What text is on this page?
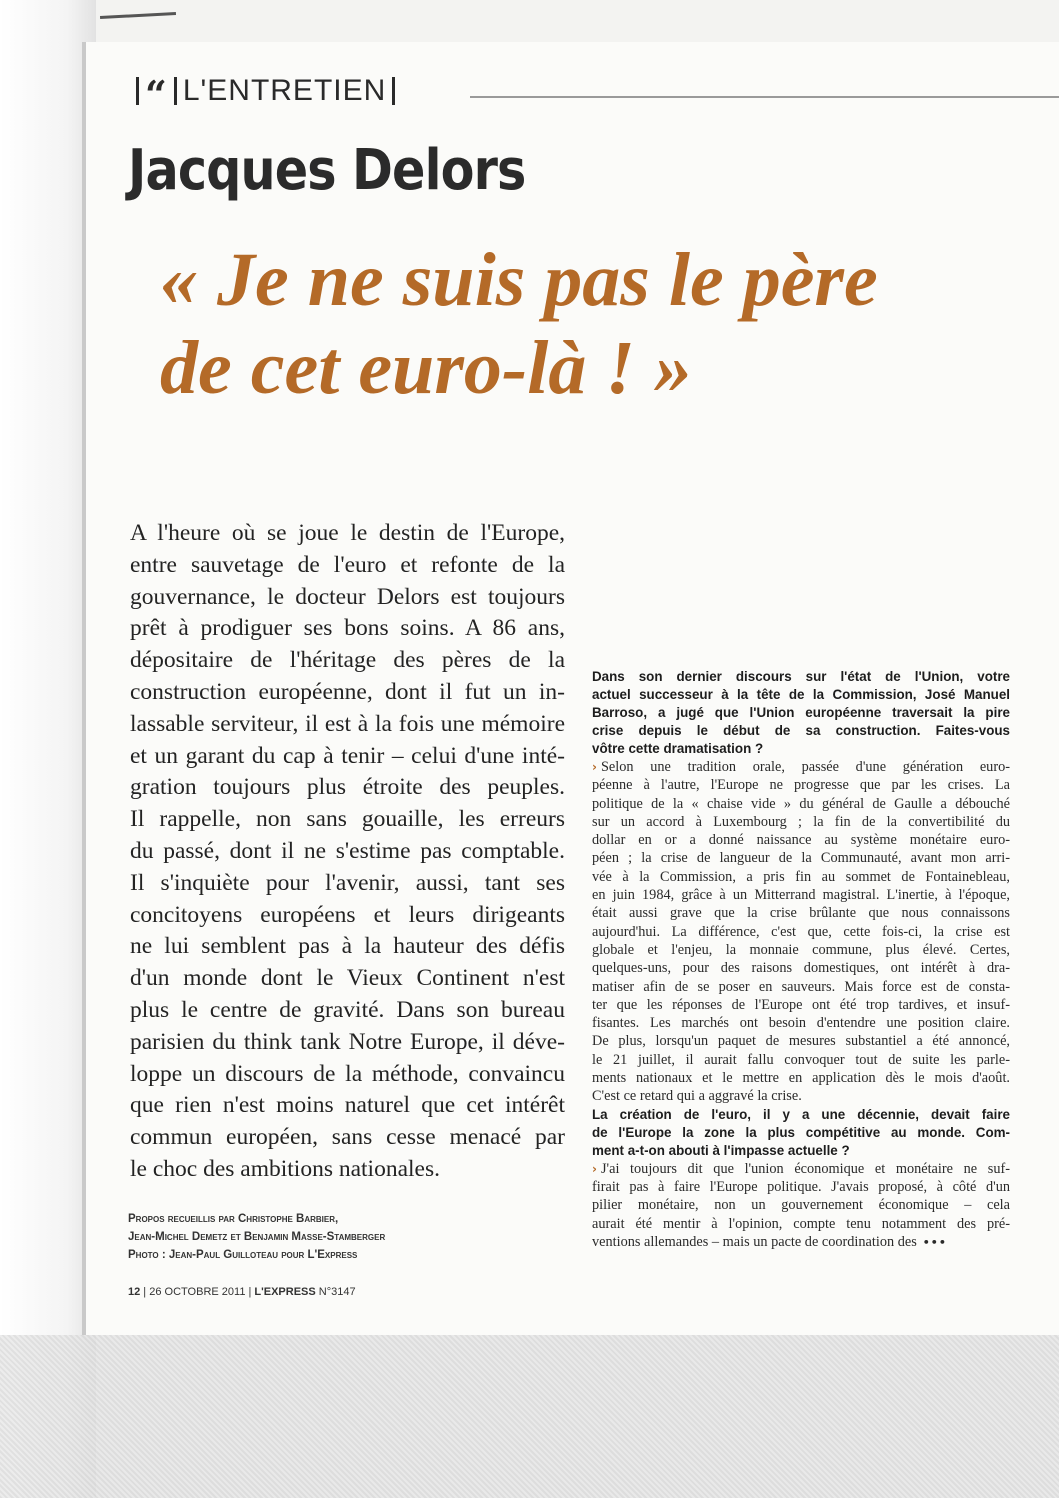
“ L'ENTRETIEN
Jacques Delors
« Je ne suis pas le père
de cet euro-là ! »
A l'heure où se joue le destin de l'Europe,
entre sauvetage de l'euro et refonte de la
gouvernance, le docteur Delors est toujours
prêt à prodiguer ses bons soins. A 86 ans,
dépositaire de l'héritage des pères de la
construction européenne, dont il fut un in-
lassable serviteur, il est à la fois une mémoire
et un garant du cap à tenir – celui d'une inté-
gration toujours plus étroite des peuples.
Il rappelle, non sans gouaille, les erreurs
du passé, dont il ne s'estime pas comptable.
Il s'inquiète pour l'avenir, aussi, tant ses
concitoyens européens et leurs dirigeants
ne lui semblent pas à la hauteur des défis
d'un monde dont le Vieux Continent n'est
plus le centre de gravité. Dans son bureau
parisien du think tank Notre Europe, il déve-
loppe un discours de la méthode, convaincu
que rien n'est moins naturel que cet intérêt
commun européen, sans cesse menacé par
le choc des ambitions nationales.
Propos recueillis par Christophe Barbier,
Jean-Michel Demetz et Benjamin Masse-Stamberger
Photo : Jean-Paul Guilloteau pour L'Express
12 | 26 OCTOBRE 2011 | L'EXPRESS N°3147
Dans son dernier discours sur l'état de l'Union, votre
actuel successeur à la tête de la Commission, José Manuel
Barroso, a jugé que l'Union européenne traversait la pire
crise depuis le début de sa construction. Faites-vous
vôtre cette dramatisation ?
› Selon une tradition orale, passée d'une génération euro-
péenne à l'autre, l'Europe ne progresse que par les crises. La
politique de la « chaise vide » du général de Gaulle a débouché
sur un accord à Luxembourg ; la fin de la convertibilité du
dollar en or a donné naissance au système monétaire euro-
péen ; la crise de langueur de la Communauté, avant mon arri-
vée à la Commission, a pris fin au sommet de Fontainebleau,
en juin 1984, grâce à un Mitterrand magistral. L'inertie, à l'époque,
était aussi grave que la crise brûlante que nous connaissons
aujourd'hui. La différence, c'est que, cette fois-ci, la crise est
globale et l'enjeu, la monnaie commune, plus élevé. Certes,
quelques-uns, pour des raisons domestiques, ont intérêt à dra-
matiser afin de se poser en sauveurs. Mais force est de consta-
ter que les réponses de l'Europe ont été trop tardives, et insuf-
fisantes. Les marchés ont besoin d'entendre une position claire.
De plus, lorsqu'un paquet de mesures substantiel a été annoncé,
le 21 juillet, il aurait fallu convoquer tout de suite les parle-
ments nationaux et le mettre en application dès le mois d'août.
C'est ce retard qui a aggravé la crise.
La création de l'euro, il y a une décennie, devait faire
de l'Europe la zone la plus compétitive au monde. Com-
ment a-t-on abouti à l'impasse actuelle ?
› J'ai toujours dit que l'union économique et monétaire ne suf-
firait pas à faire l'Europe politique. J'avais proposé, à côté d'un
pilier monétaire, non un gouvernement économique – cela
aurait été mentir à l'opinion, compte tenu notamment des pré-
ventions allemandes – mais un pacte de coordination des •••
